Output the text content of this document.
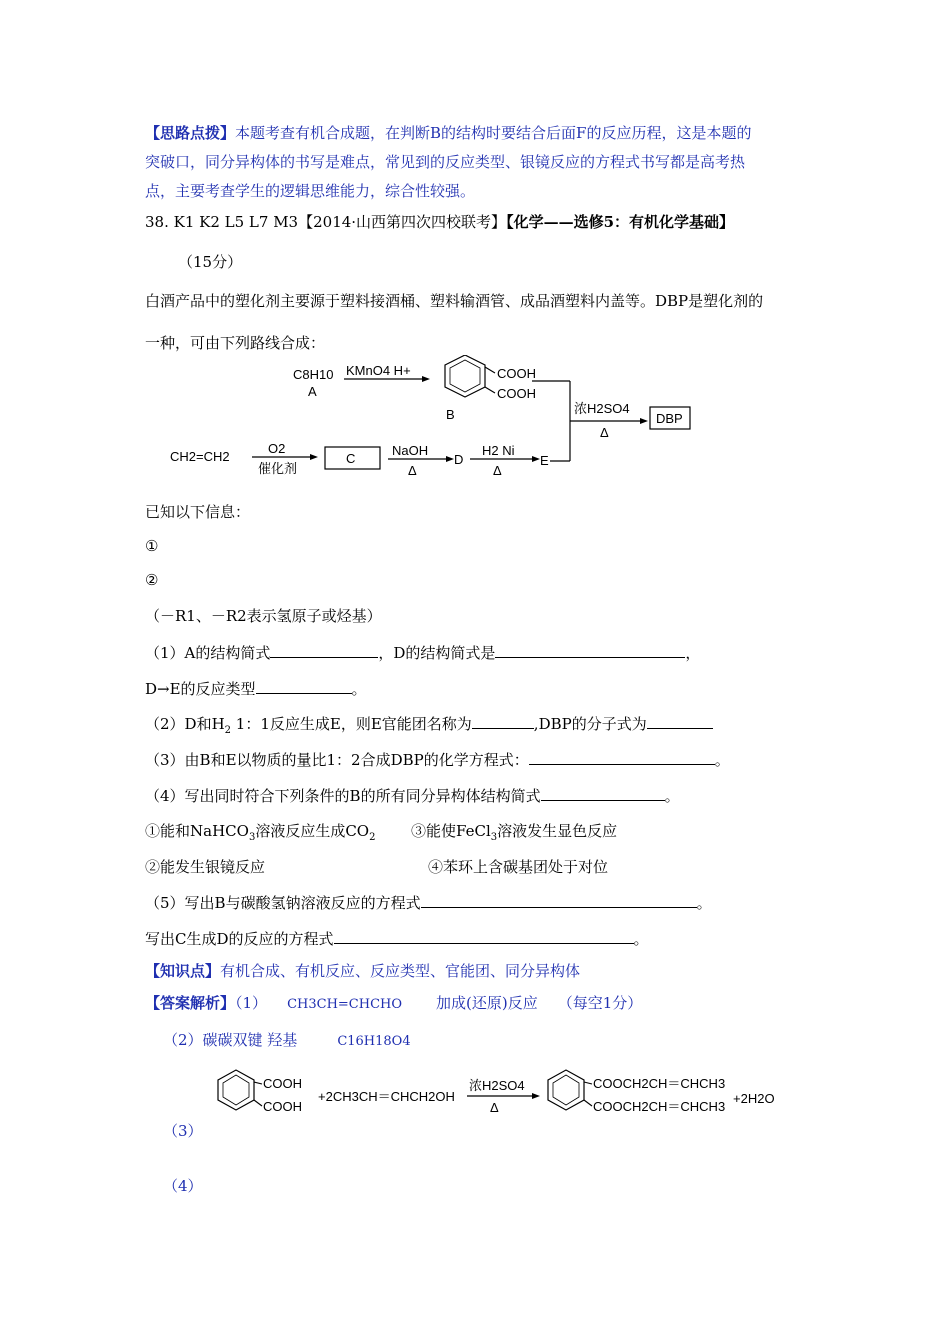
【思路点拨】本题考查有机合成题，在判断B的结构时要结合后面F的反应历程，这是本题的
突破口，同分异构体的书写是难点，常见到的反应类型、银镜反应的方程式书写都是高考热
点，主要考查学生的逻辑思维能力，综合性较强。
38. K1 K2 L5 L7 M3【2014·山西第四次四校联考】【化学——选修5：有机化学基础】
（15分）
白酒产品中的塑化剂主要源于塑料接酒桶、塑料输酒管、成品酒塑料内盖等。DBP是塑化剂的
一种，可由下列路线合成：
C8H10
A
KMnO4 H+	COOH
COOH
B	浓H2SO4
Δ
DBP
CH2=CH2
O2
催化剂
C
NaOH
Δ
D
H2 Ni
Δ
E
已知以下信息：
①
②
（－R1、－R2表示氢原子或烃基）
（1）A的结构简式	，D的结构简式是	，
D→E的反应类型	。
（2）D和$H_2$ 1：1反应生成E，则E官能团名称为	,DBP的分子式为
（3）由B和E以物质的量比1：2合成DBP的化学方程式：	。
（4）写出同时符合下列条件的B的所有同分异构体结构简式	。
①能和NaHCO$_3$溶液反应生成$CO_2$ ③能使FeCl$_3$溶液发生显色反应
②能发生银镜反应	④苯环上含碳基团处于对位
（5）写出B与碳酸氢钠溶液反应的方程式	。
写出C生成D的反应的方程式	。
【知识点】有机合成、有机反应、反应类型、官能团、同分异构体
【答案解析】（1） CH3CH=CHCHO 加成(还原)反应 （每空1分）
（2）碳碳双键 羟基	C16H18O4
COOH
COOH
+2CH3CH＝CHCH2OH
浓H2SO4
Δ
COOCH2CH＝CHCH3
COOCH2CH＝CHCH3
+2H2O
（3）
（4）
